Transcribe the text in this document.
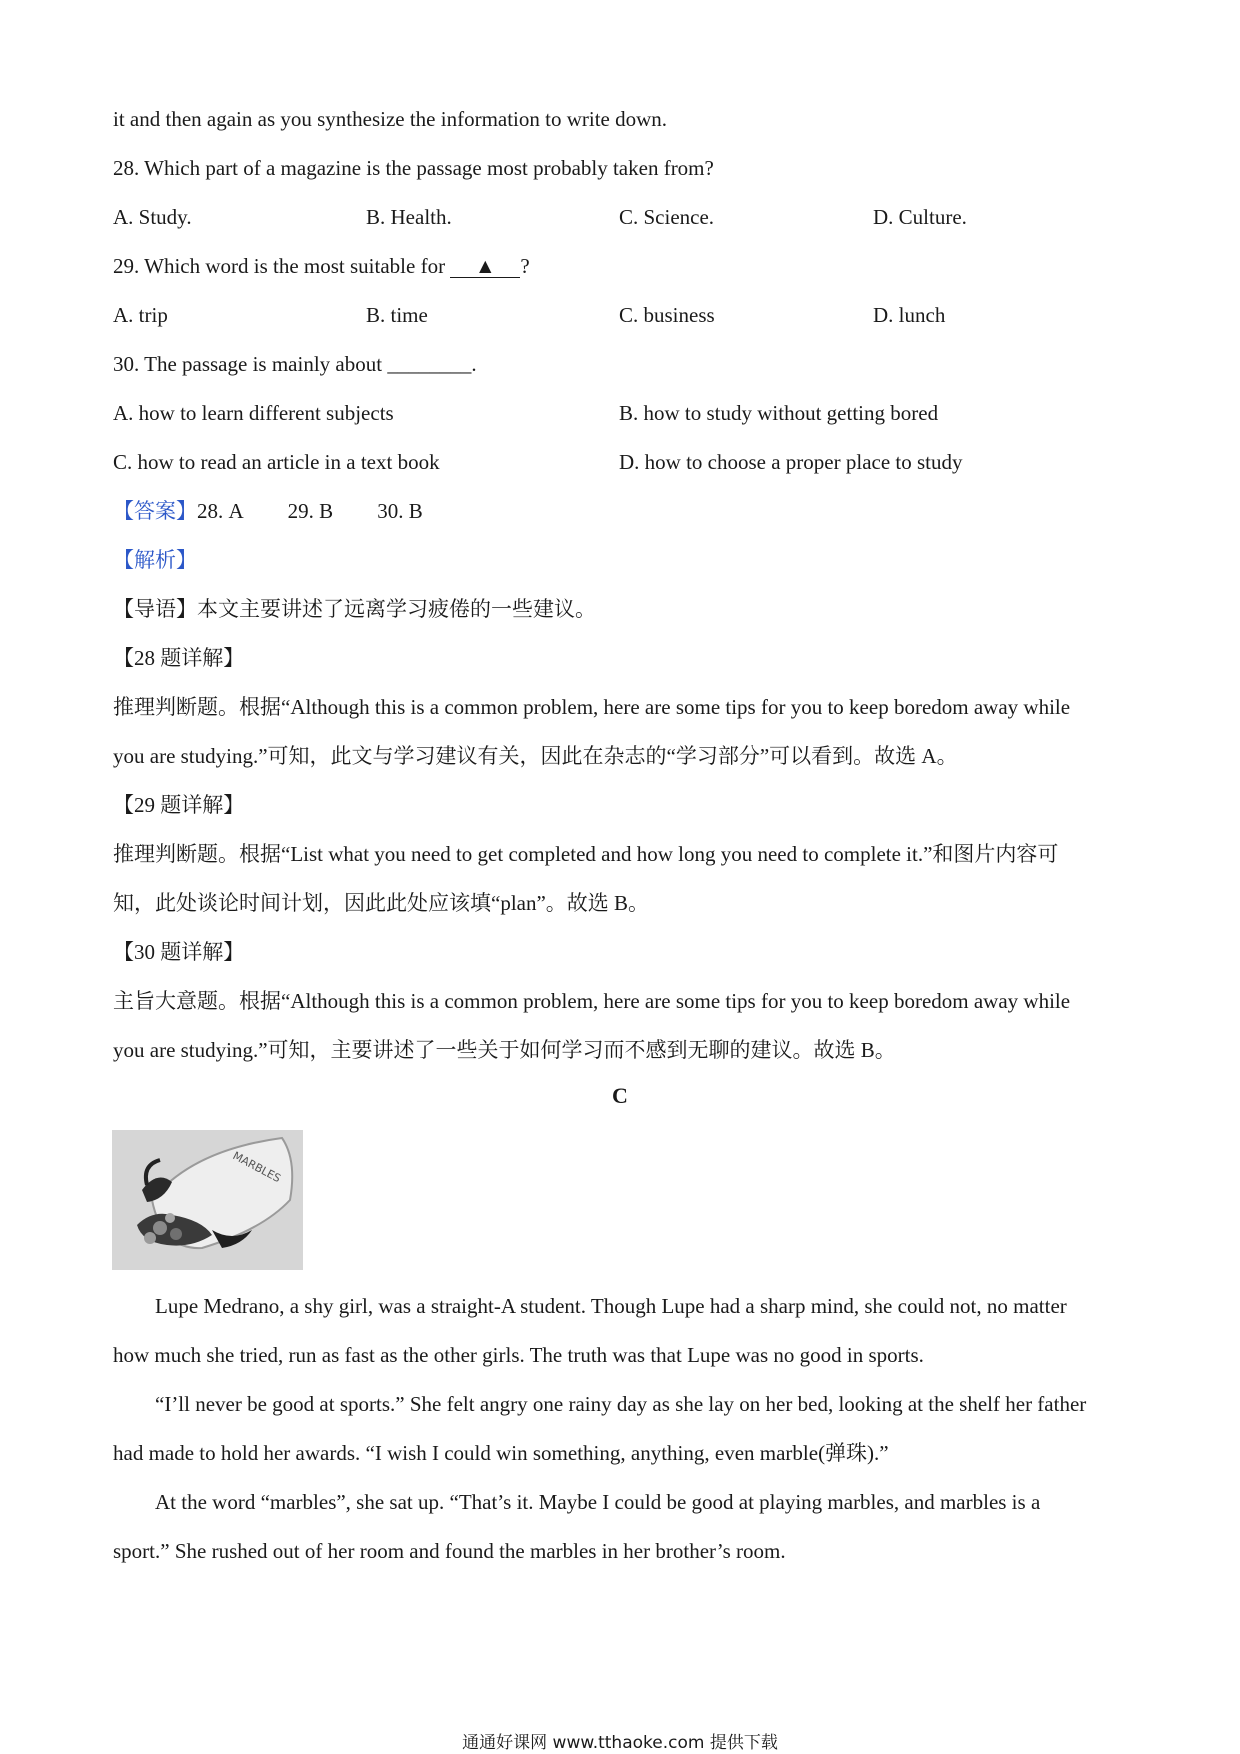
it and then again as you synthesize the information to write down.
28. Which part of a magazine is the passage most probably taken from?
A. Study.	B. Health.	C. Science.	D. Culture.
29. Which word is the most suitable for ▲ ?
A. trip	B. time	C. business	D. lunch
30. The passage is mainly about ________.
A. how to learn different subjects	B. how to study without getting bored
C. how to read an article in a text book	D. how to choose a proper place to study
【答案】28. A 29. B 30. B
【解析】
【导语】本文主要讲述了远离学习疲倦的一些建议。
【28 题详解】
推理判断题。根据“Although this is a common problem, here are some tips for you to keep boredom away while
you are studying.”可知，此文与学习建议有关，因此在杂志的“学习部分”可以看到。故选 A。
【29 题详解】
推理判断题。根据“List what you need to get completed and how long you need to complete it.”和图片内容可
知，此处谈论时间计划，因此此处应该填“plan”。故选 B。
【30 题详解】
主旨大意题。根据“Although this is a common problem, here are some tips for you to keep boredom away while
you are studying.”可知，主要讲述了一些关于如何学习而不感到无聊的建议。故选 B。
C
MARBLES
Lupe Medrano, a shy girl, was a straight-A student. Though Lupe had a sharp mind, she could not, no matter
how much she tried, run as fast as the other girls. The truth was that Lupe was no good in sports.
“I’ll never be good at sports.” She felt angry one rainy day as she lay on her bed, looking at the shelf her father
had made to hold her awards. “I wish I could win something, anything, even marble(弹珠).”
At the word “marbles”, she sat up. “That’s it. Maybe I could be good at playing marbles, and marbles is a
sport.” She rushed out of her room and found the marbles in her brother’s room.
通通好课网 www.tthaoke.com 提供下载
